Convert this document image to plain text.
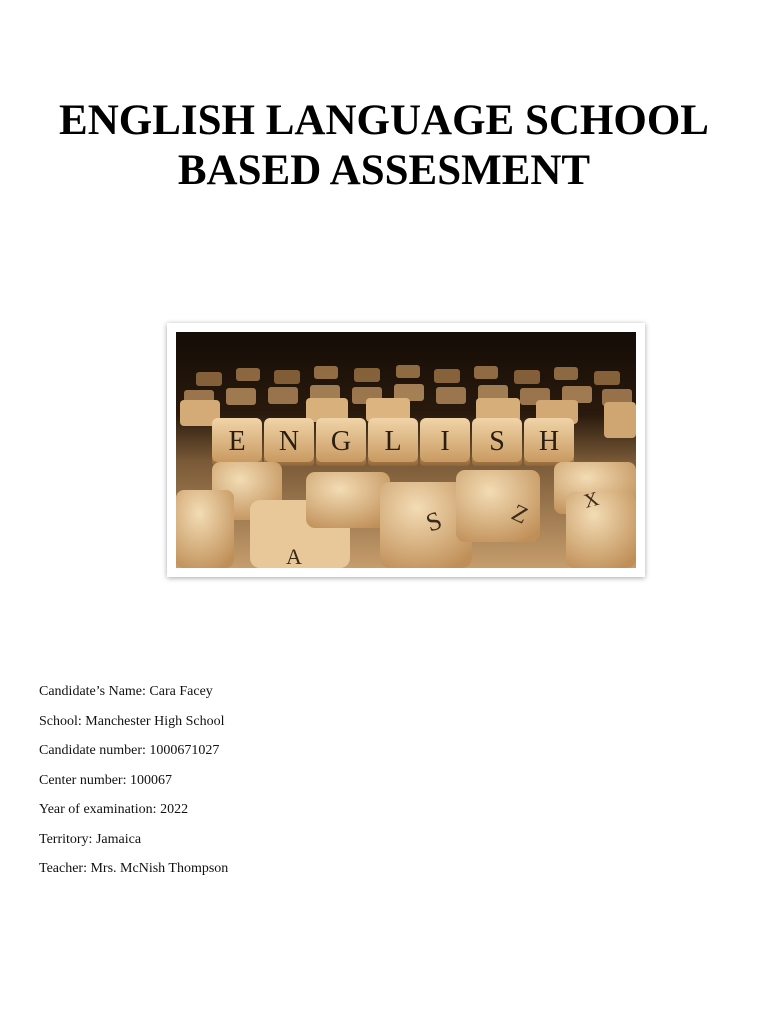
ENGLISH LANGUAGE SCHOOL
BASED ASSESMENT
E N G L I S H
S	Z X
A
Candidate’s Name: Cara Facey
School: Manchester High School
Candidate number: 1000671027
Center number: 100067
Year of examination: 2022
Territory: Jamaica
Teacher: Mrs. McNish Thompson
